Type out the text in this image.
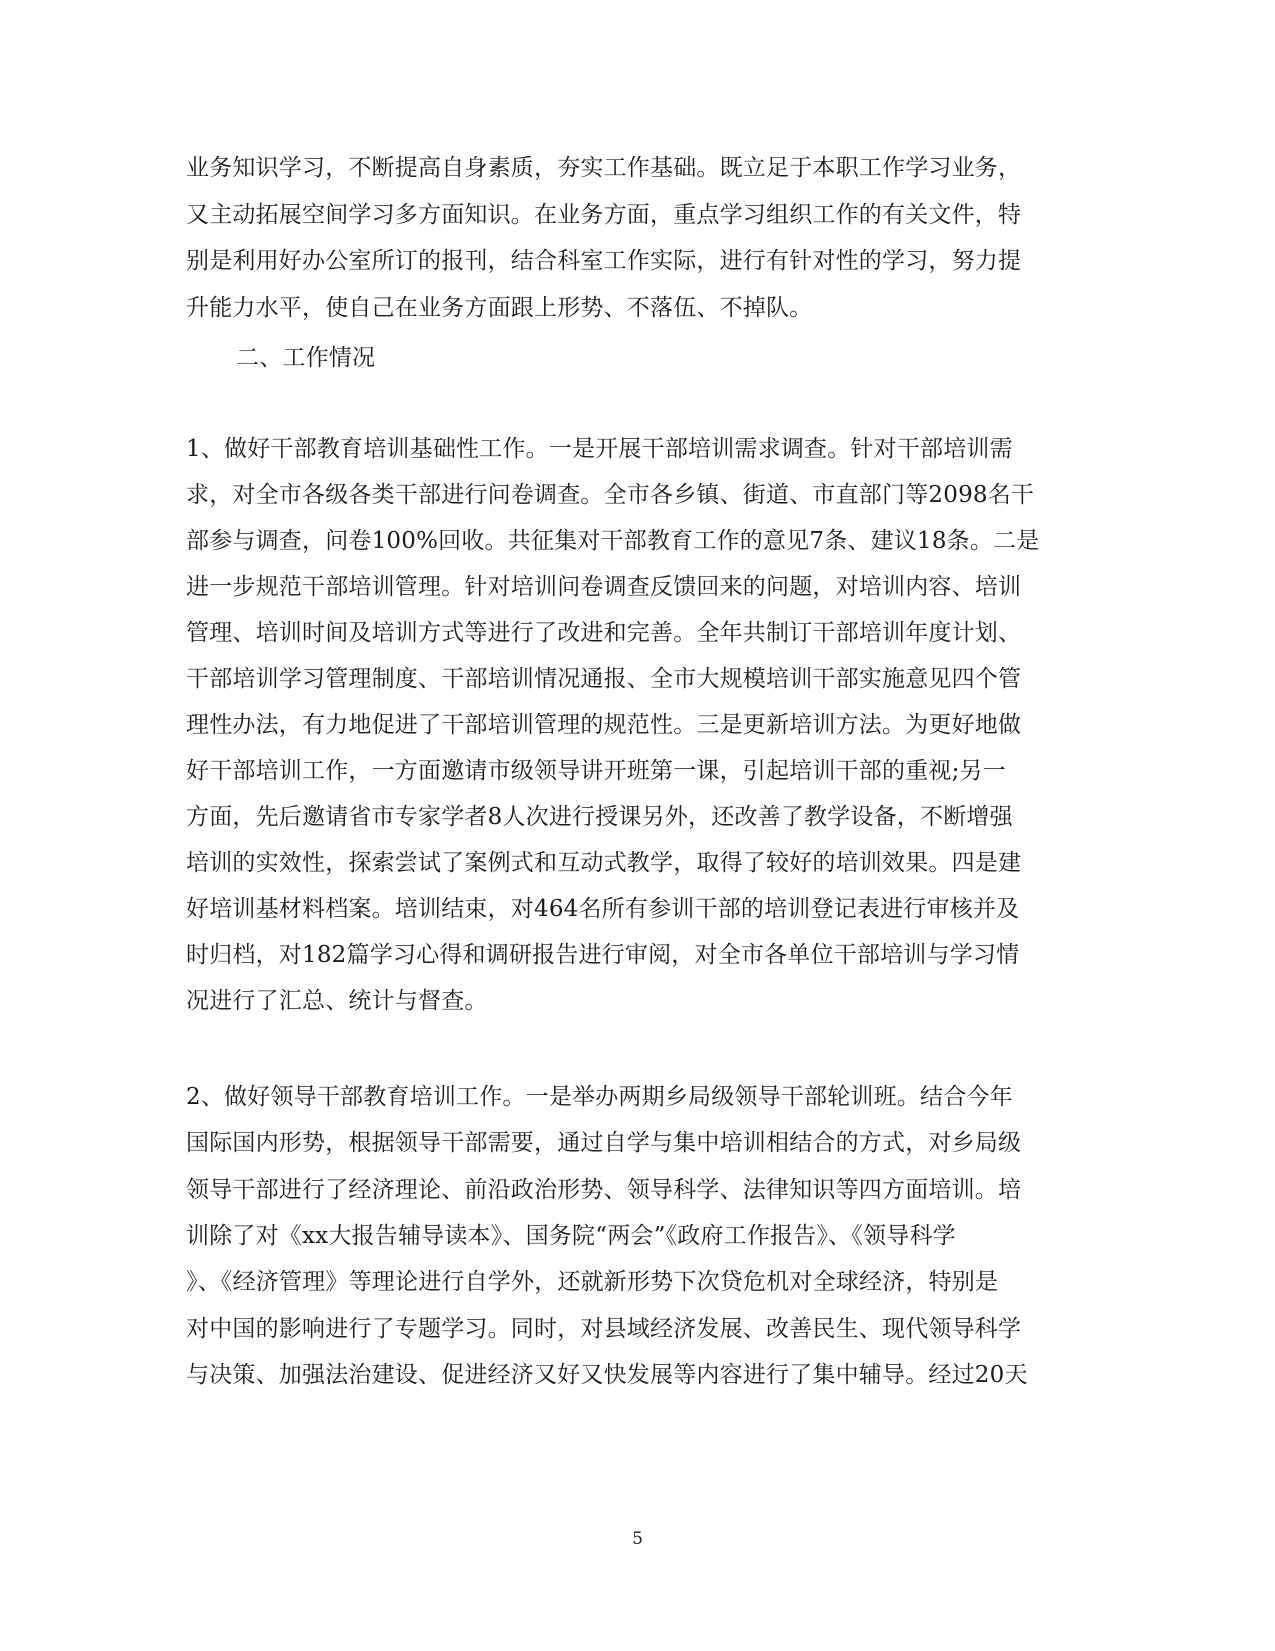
业务知识学习，不断提高自身素质，夯实工作基础。既立足于本职工作学习业务，
又主动拓展空间学习多方面知识。在业务方面，重点学习组织工作的有关文件，特
别是利用好办公室所订的报刊，结合科室工作实际，进行有针对性的学习，努力提
升能力水平，使自己在业务方面跟上形势、不落伍、不掉队。
二、工作情况
1、做好干部教育培训基础性工作。一是开展干部培训需求调查。针对干部培训需
求，对全市各级各类干部进行问卷调查。全市各乡镇、街道、市直部门等2098名干
部参与调查，问卷100%回收。共征集对干部教育工作的意见7条、建议18条。二是
进一步规范干部培训管理。针对培训问卷调查反馈回来的问题，对培训内容、培训
管理、培训时间及培训方式等进行了改进和完善。全年共制订干部培训年度计划、
干部培训学习管理制度、干部培训情况通报、全市大规模培训干部实施意见四个管
理性办法，有力地促进了干部培训管理的规范性。三是更新培训方法。为更好地做
好干部培训工作，一方面邀请市级领导讲开班第一课，引起培训干部的重视;另一
方面，先后邀请省市专家学者8人次进行授课另外，还改善了教学设备，不断增强
培训的实效性，探索尝试了案例式和互动式教学，取得了较好的培训效果。四是建
好培训基材料档案。培训结束，对464名所有参训干部的培训登记表进行审核并及
时归档，对182篇学习心得和调研报告进行审阅，对全市各单位干部培训与学习情
况进行了汇总、统计与督查。
2、做好领导干部教育培训工作。一是举办两期乡局级领导干部轮训班。结合今年
国际国内形势，根据领导干部需要，通过自学与集中培训相结合的方式，对乡局级
领导干部进行了经济理论、前沿政治形势、领导科学、法律知识等四方面培训。培
训除了对《xx大报告辅导读本》、国务院“两会”《政府工作报告》、《领导科学
》、《经济管理》等理论进行自学外，还就新形势下次贷危机对全球经济，特别是
对中国的影响进行了专题学习。同时，对县域经济发展、改善民生、现代领导科学
与决策、加强法治建设、促进经济又好又快发展等内容进行了集中辅导。经过20天
5
